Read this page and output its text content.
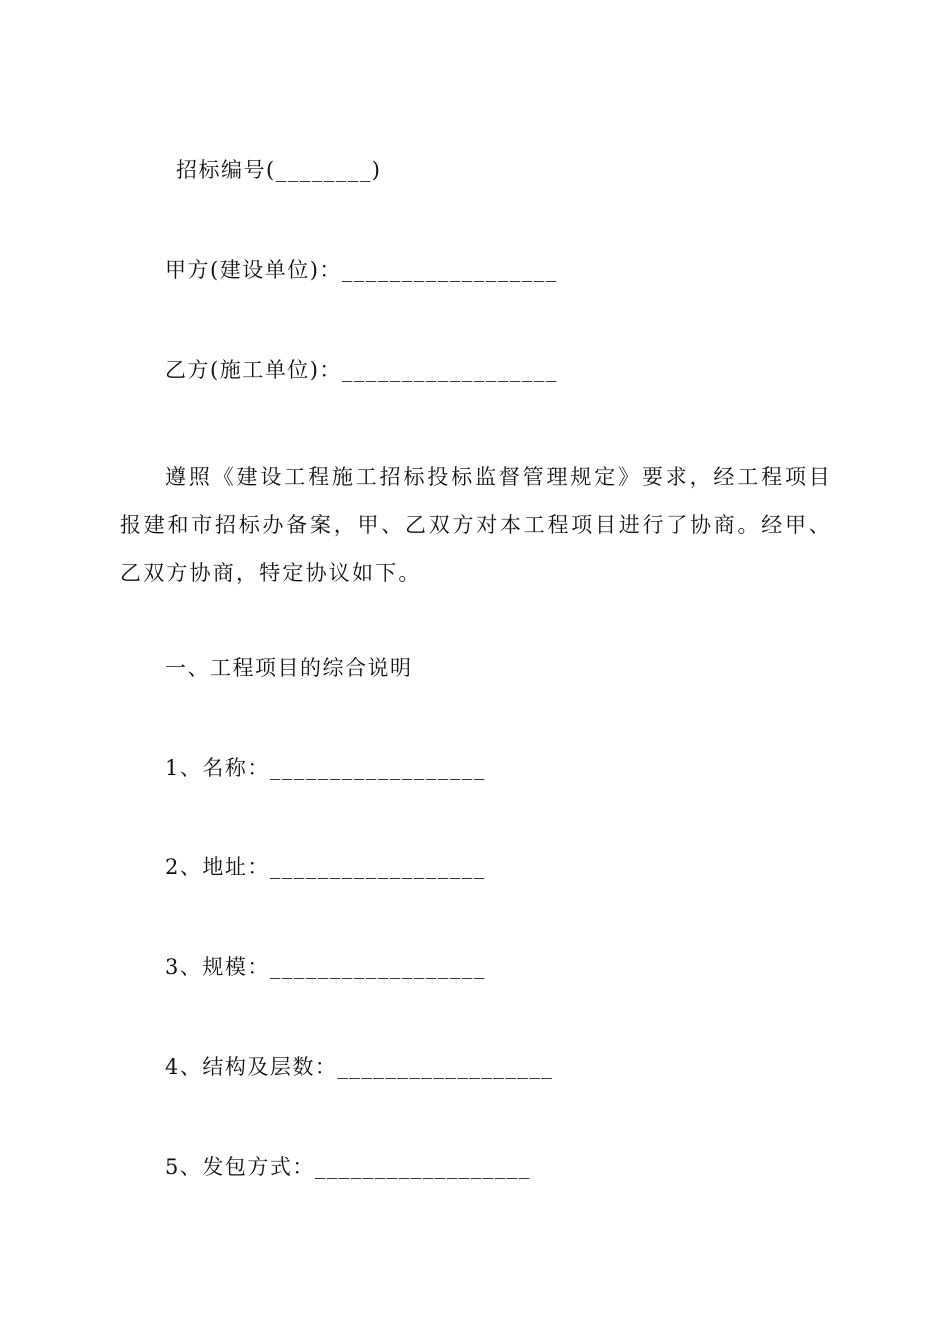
招标编号(________)
甲方(建设单位)：__________________
乙方(施工单位)：__________________
遵照《建设工程施工招标投标监督管理规定》要求，经工程项目报建和市招标办备案，甲、乙双方对本工程项目进行了协商。经甲、乙双方协商，特定协议如下。
一、工程项目的综合说明
1、名称：__________________
2、地址：__________________
3、规模：__________________
4、结构及层数：__________________
5、发包方式：__________________
